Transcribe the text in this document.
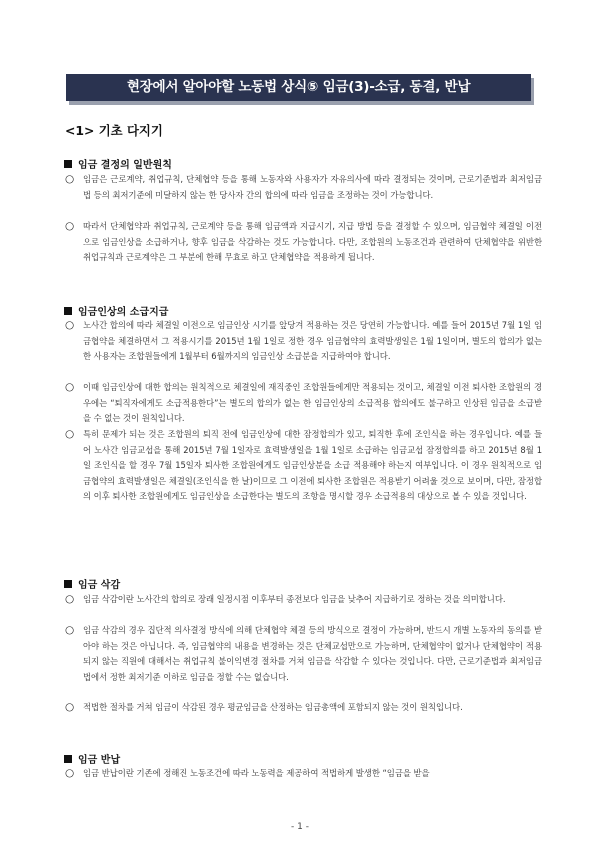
현장에서 알아야할 노동법 상식⑤ 임금(3)-소급, 동결, 반납
<1> 기초 다지기
임금 결정의 일반원칙
○ 임금은 근로계약, 취업규칙, 단체협약 등을 통해 노동자와 사용자가 자유의사에 따라 결정되는 것이며, 근로기준법과 최저임금법 등의 최저기준에 미달하지 않는 한 당사자 간의 합의에 따라 임금을 조정하는 것이 가능합니다.
○ 따라서 단체협약과 취업규칙, 근로계약 등을 통해 임금액과 지급시기, 지급 방법 등을 결정할 수 있으며, 임금협약 체결일 이전으로 임금인상을 소급하거나, 향후 임금을 삭감하는 것도 가능합니다. 다만, 조합원의 노동조건과 관련하여 단체협약을 위반한 취업규칙과 근로계약은 그 부분에 한해 무효로 하고 단체협약을 적용하게 됩니다.
임금인상의 소급지급
○ 노사간 합의에 따라 체결일 이전으로 임금인상 시기를 앞당겨 적용하는 것은 당연히 가능합니다. 예를 들어 2015년 7월 1일 임금협약을 체결하면서 그 적용시기를 2015년 1월 1일로 정한 경우 임금협약의 효력발생일은 1월 1일이며, 별도의 합의가 없는 한 사용자는 조합원들에게 1월부터 6월까지의 임금인상 소급분을 지급하여야 합니다.
○ 이때 임금인상에 대한 합의는 원칙적으로 체결일에 재직중인 조합원들에게만 적용되는 것이고, 체결일 이전 퇴사한 조합원의 경우에는 “퇴직자에게도 소급적용한다”는 별도의 합의가 없는 한 임금인상의 소급적용 합의에도 불구하고 인상된 임금을 소급받을 수 없는 것이 원칙입니다.
○ 특히 문제가 되는 것은 조합원의 퇴직 전에 임금인상에 대한 잠정합의가 있고, 퇴직한 후에 조인식을 하는 경우입니다. 예를 들어 노사간 임금교섭을 통해 2015년 7월 1일자로 효력발생일을 1월 1일로 소급하는 임금교섭 잠정합의를 하고 2015년 8월 1일 조인식을 할 경우 7월 15일자 퇴사한 조합원에게도 임금인상분을 소급 적용해야 하는지 여부입니다. 이 경우 원칙적으로 임금협약의 효력발생일은 체결일(조인식을 한 날)이므로 그 이전에 퇴사한 조합원은 적용받기 어려울 것으로 보이며, 다만, 잠정합의 이후 퇴사한 조합원에게도 임금인상을 소급한다는 별도의 조항을 명시할 경우 소급적용의 대상으로 볼 수 있을 것입니다.
임금 삭감
○ 임금 삭감이란 노사간의 합의로 장래 일정시점 이후부터 종전보다 임금을 낮추어 지급하기로 정하는 것을 의미합니다.
○ 임금 삭감의 경우 집단적 의사결정 방식에 의해 단체협약 체결 등의 방식으로 결정이 가능하며, 반드시 개별 노동자의 동의를 받아야 하는 것은 아닙니다. 즉, 임금협약의 내용을 변경하는 것은 단체교섭만으로 가능하며, 단체협약이 없거나 단체협약이 적용되지 않는 직원에 대해서는 취업규칙 불이익변경 절차를 거쳐 임금을 삭감할 수 있다는 것입니다. 다만, 근로기준법과 최저임금법에서 정한 최저기준 이하로 임금을 정할 수는 없습니다.
○ 적법한 절차를 거쳐 임금이 삭감된 경우 평균임금을 산정하는 임금총액에 포함되지 않는 것이 원칙입니다.
임금 반납
○ 임금 반납이란 기존에 정해진 노동조건에 따라 노동력을 제공하여 적법하게 발생한 “임금을 받을
- 1 -
